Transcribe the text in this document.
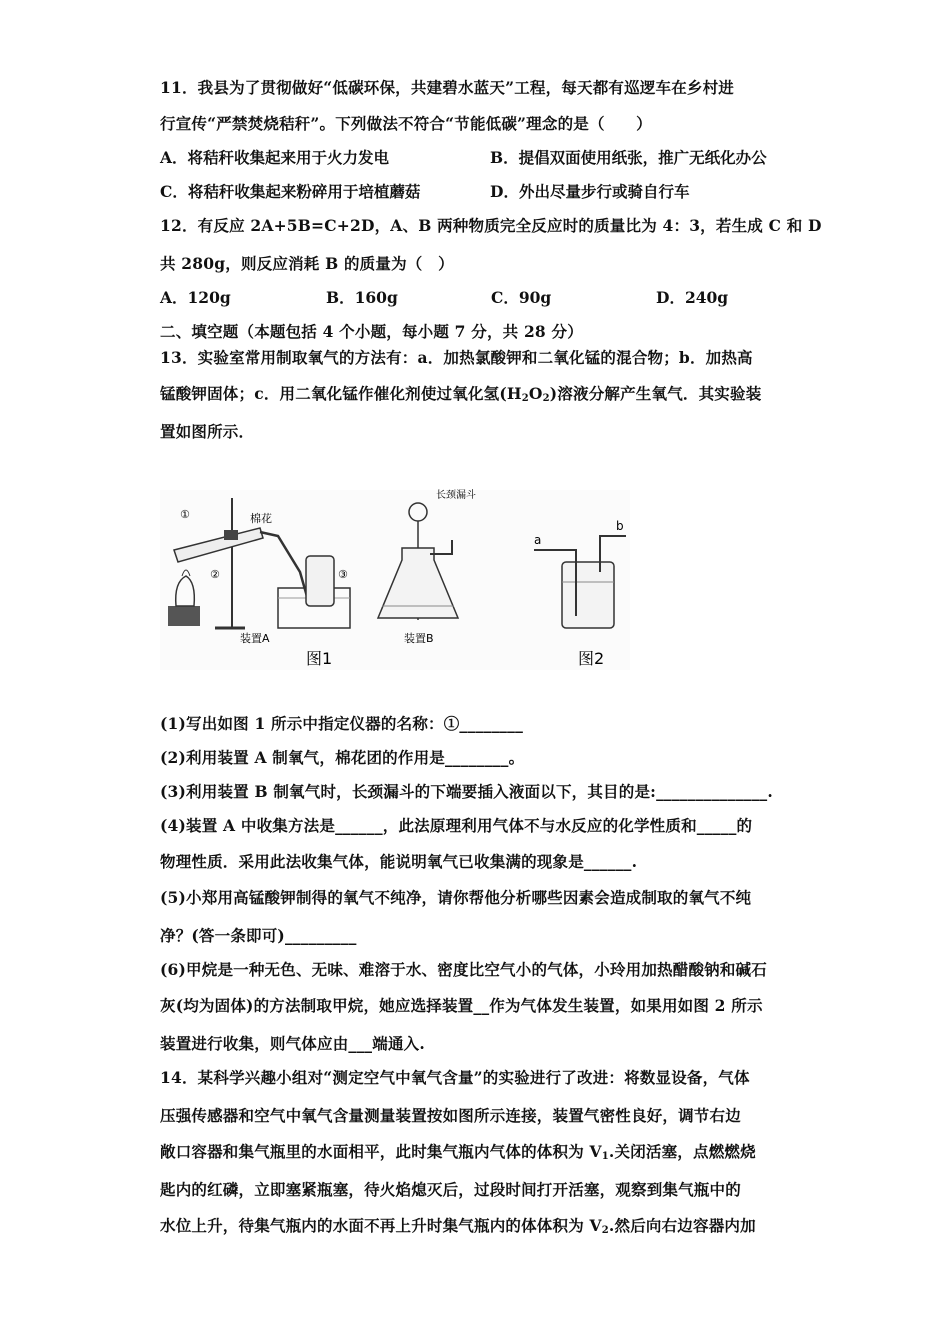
11．我县为了贯彻做好“低碳环保，共建碧水蓝天”工程，每天都有巡逻车在乡村进
行宣传“严禁焚烧秸秆”。下列做法不符合“节能低碳”理念的是（　　）
A．将秸秆收集起来用于火力发电	B．提倡双面使用纸张，推广无纸化办公
C．将秸秆收集起来粉碎用于培植蘑菇	D．外出尽量步行或骑自行车
12．有反应 2A+5B=C+2D，A、B 两种物质完全反应时的质量比为 4：3，若生成 C 和 D
共 280g，则反应消耗 B 的质量为（　）
A．120g	B．160g	C．90g	D．240g
二、填空题（本题包括 4 个小题，每小题 7 分，共 28 分）
13．实验室常用制取氧气的方法有：a．加热氯酸钾和二氧化锰的混合物；b．加热高
锰酸钾固体；c．用二氧化锰作催化剂使过氧化氢$(H_2O_2)$溶液分解产生氧气．其实验装
置如图所示．
①
②	③
棉花
装置A
长颈漏斗
装置B
a
b
图1	图2
(1)写出如图 1 所示中指定仪器的名称：①________
(2)利用装置 A 制氧气，棉花团的作用是________。
(3)利用装置 B 制氧气时，长颈漏斗的下端要插入液面以下，其目的是:______________.
(4)装置 A 中收集方法是______，此法原理利用气体不与水反应的化学性质和_____的
物理性质．采用此法收集气体，能说明氧气已收集满的现象是______.
(5)小郑用高锰酸钾制得的氧气不纯净，请你帮他分析哪些因素会造成制取的氧气不纯
净？(答一条即可)_________
(6)甲烷是一种无色、无味、难溶于水、密度比空气小的气体，小玲用加热醋酸钠和碱石
灰(均为固体)的方法制取甲烷，她应选择装置__作为气体发生装置，如果用如图 2 所示
装置进行收集，则气体应由___端通入.
14．某科学兴趣小组对“测定空气中氧气含量”的实验进行了改进：将数显设备，气体
压强传感器和空气中氧气含量测量装置按如图所示连接，装置气密性良好，调节右边
敞口容器和集气瓶里的水面相平，此时集气瓶内气体的体积为 $V_1$.关闭活塞，点燃燃烧
匙内的红磷，立即塞紧瓶塞，待火焰熄灭后，过段时间打开活塞，观察到集气瓶中的
水位上升，待集气瓶内的水面不再上升时集气瓶内的体体积为 $V_2$.然后向右边容器内加
